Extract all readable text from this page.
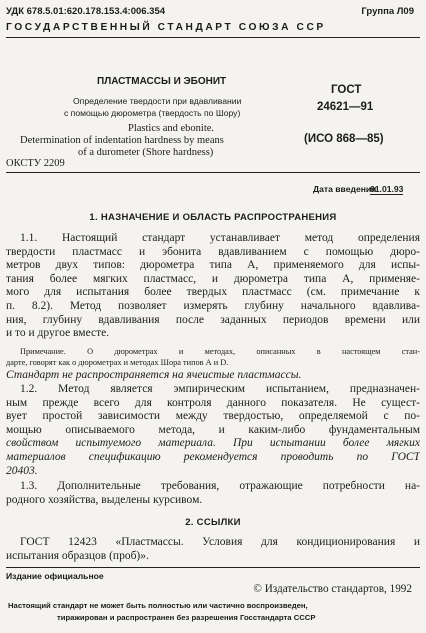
УДК 678.5.01:620.178.153.4:006.354	Группа Л09
ГОСУДАРСТВЕННЫЙ СТАНДАРТ СОЮЗА ССР
ПЛАСТМАССЫ И ЭБОНИТ
Определение твердости при вдавливании
с помощью дюрометра (твердость по Шору)
Plastics and ebonite.
Determination of indentation hardness by means
of a durometer (Shore hardness)
ГОСТ
24621—91
(ИСО 868—85)
ОКСТУ 2209
Дата введения
01.01.93
1. НАЗНАЧЕНИЕ И ОБЛАСТЬ РАСПРОСТРАНЕНИЯ
1.1. Настоящий стандарт устанавливает метод определения
твердости пластмасс и эбонита вдавливанием с помощью дюро-
метров двух типов: дюрометра типа А, применяемого для испы-
тания более мягких пластмасс, и дюрометра типа А, применяе-
мого для испытания более твердых пластмасс (см. примечание к
п. 8.2). Метод позволяет измерять глубину начального вдавлива-
ния, глубину вдавливания после заданных периодов времени или
и то и другое вместе.
Примечание. О дюрометрах и методах, описанных в настоящем стан-
дарте, говорят как о дюрометрах и методах Шора типов А и D.
Стандарт не распространяется на ячеистые пластмассы.
1.2. Метод является эмпирическим испытанием, предназначен-
ным прежде всего для контроля данного показателя. Не сущест-
вует простой зависимости между твердостью, определяемой с по-
мощью описываемого метода, и каким-либо фундаментальным
свойством испытуемого материала. При испытании более мягких
материалов спецификацию рекомендуется проводить по ГОСТ
20403.
1.3. Дополнительные требования, отражающие потребности на-
родного хозяйства, выделены курсивом.
2. ССЫЛКИ
ГОСТ 12423 «Пластмассы. Условия для кондиционирования и
испытания образцов (проб)».
Издание официальное
© Издательство стандартов, 1992
Настоящий стандарт не может быть полностью или частично воспроизведен,
тиражирован и распространен без разрешения Госстандарта СССР
